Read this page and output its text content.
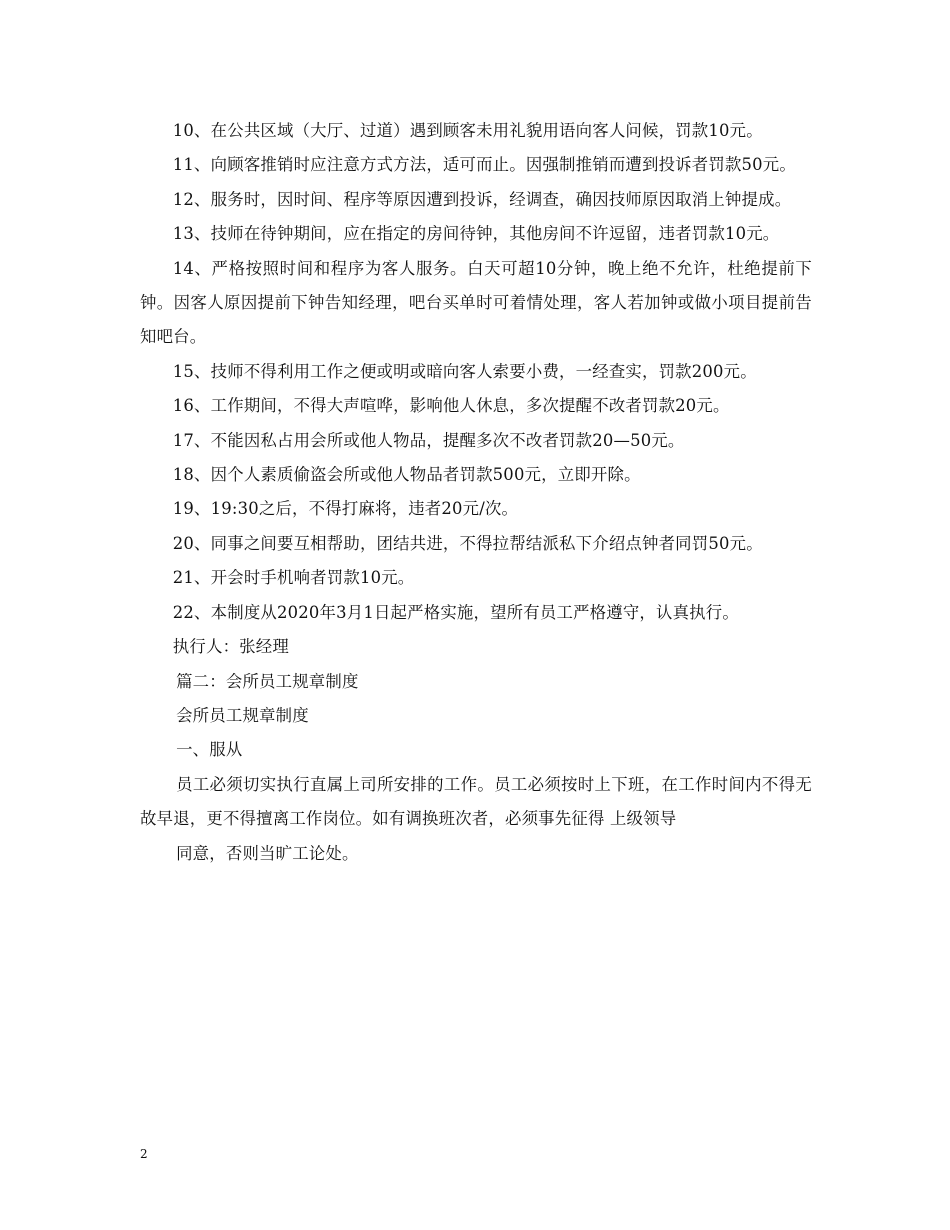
10、在公共区域（大厅、过道）遇到顾客未用礼貌用语向客人问候，罚款10元。

11、向顾客推销时应注意方式方法，适可而止。因强制推销而遭到投诉者罚款50元。

12、服务时，因时间、程序等原因遭到投诉，经调查，确因技师原因取消上钟提成。

13、技师在待钟期间，应在指定的房间待钟，其他房间不许逗留，违者罚款10元。

14、严格按照时间和程序为客人服务。白天可超10分钟，晚上绝不允许，杜绝提前下钟。因客人原因提前下钟告知经理，吧台买单时可着情处理，客人若加钟或做小项目提前告知吧台。

15、技师不得利用工作之便或明或暗向客人索要小费，一经查实，罚款200元。

16、工作期间，不得大声喧哗，影响他人休息，多次提醒不改者罚款20元。

17、不能因私占用会所或他人物品，提醒多次不改者罚款20—50元。

18、因个人素质偷盗会所或他人物品者罚款500元，立即开除。

19、19:30之后，不得打麻将，违者20元/次。

20、同事之间要互相帮助，团结共进，不得拉帮结派私下介绍点钟者同罚50元。

21、开会时手机响者罚款10元。

22、本制度从2020年3月1日起严格实施，望所有员工严格遵守，认真执行。

执行人：张经理

篇二：会所员工规章制度

会所员工规章制度

一、服从

员工必须切实执行直属上司所安排的工作。员工必须按时上下班，在工作时间内不得无故早退，更不得擅离工作岗位。如有调换班次者，必须事先征得 上级领导

同意，否则当旷工论处。

2
